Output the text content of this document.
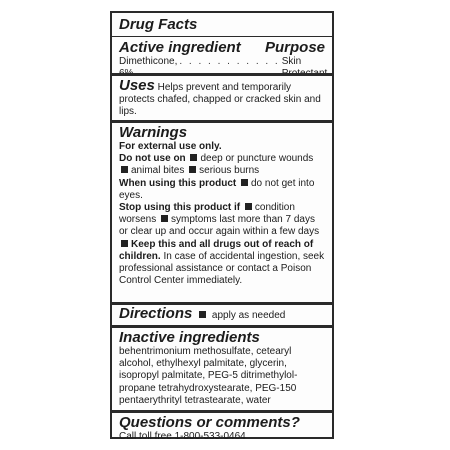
Drug Facts
Active ingredient Purpose
Dimethicone, . . . . . . . . . . . Skin
Uses Helps prevent and temporarily protects chafed, chapped or cracked skin and lips.
Warnings
For external use only.
Do not use on deep or puncture wounds animal bites serious burns
When using this product do not get into eyes.
Stop using this product if condition worsens symptoms last more than 7 days or clear up and occur again within a few days Keep this and all drugs out of reach of children. In case of accidental ingestion, seek professional assistance or contact a Poison Control Center immediately.
Directions apply as needed
Inactive ingredients
behentrimonium methosulfate, cetearyl alcohol, ethylhexyl palmitate, glycerin, isopropyl palmitate, PEG-5 ditrimethylol-propane tetrahydroxystearate, PEG-150 pentaerythrityl tetrastearate, water
Questions or comments?
Call toll free 1-800-533-0464
